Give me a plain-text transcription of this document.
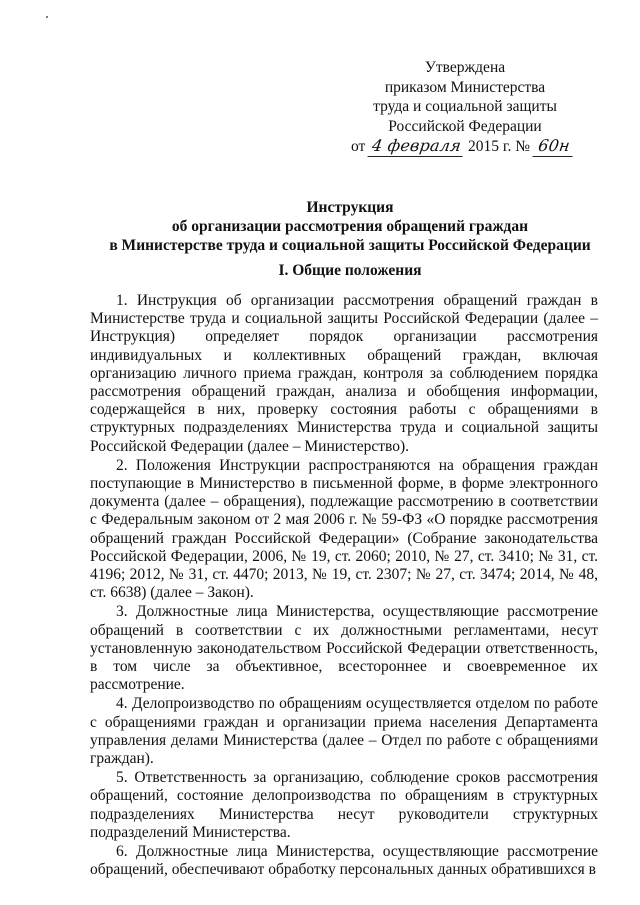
Утверждена
приказом Министерства
труда и социальной защиты
Российской Федерации
от 4 февраля 2015 г. № 60н
Инструкция
об организации рассмотрения обращений граждан
в Министерстве труда и социальной защиты Российской Федерации
I. Общие положения

1. Инструкция об организации рассмотрения обращений граждан в Министерстве труда и социальной защиты Российской Федерации (далее – Инструкция) определяет порядок организации рассмотрения индивидуальных и коллективных обращений граждан, включая организацию личного приема граждан, контроля за соблюдением порядка рассмотрения обращений граждан, анализа и обобщения информации, содержащейся в них, проверку состояния работы с обращениями в структурных подразделениях Министерства труда и социальной защиты Российской Федерации (далее – Министерство).

2. Положения Инструкции распространяются на обращения граждан поступающие в Министерство в письменной форме, в форме электронного документа (далее – обращения), подлежащие рассмотрению в соответствии с Федеральным законом от 2 мая 2006 г. № 59-ФЗ «О порядке рассмотрения обращений граждан Российской Федерации» (Собрание законодательства Российской Федерации, 2006, № 19, ст. 2060; 2010, № 27, ст. 3410; № 31, ст. 4196; 2012, № 31, ст. 4470; 2013, № 19, ст. 2307; № 27, ст. 3474; 2014, № 48, ст. 6638) (далее – Закон).

3. Должностные лица Министерства, осуществляющие рассмотрение обращений в соответствии с их должностными регламентами, несут установленную законодательством Российской Федерации ответственность, в том числе за объективное, всестороннее и своевременное их рассмотрение.

4. Делопроизводство по обращениям осуществляется отделом по работе с обращениями граждан и организации приема населения Департамента управления делами Министерства (далее – Отдел по работе с обращениями граждан).

5. Ответственность за организацию, соблюдение сроков рассмотрения обращений, состояние делопроизводства по обращениям в структурных подразделениях Министерства несут руководители структурных подразделений Министерства.

6. Должностные лица Министерства, осуществляющие рассмотрение обращений, обеспечивают обработку персональных данных обратившихся в
